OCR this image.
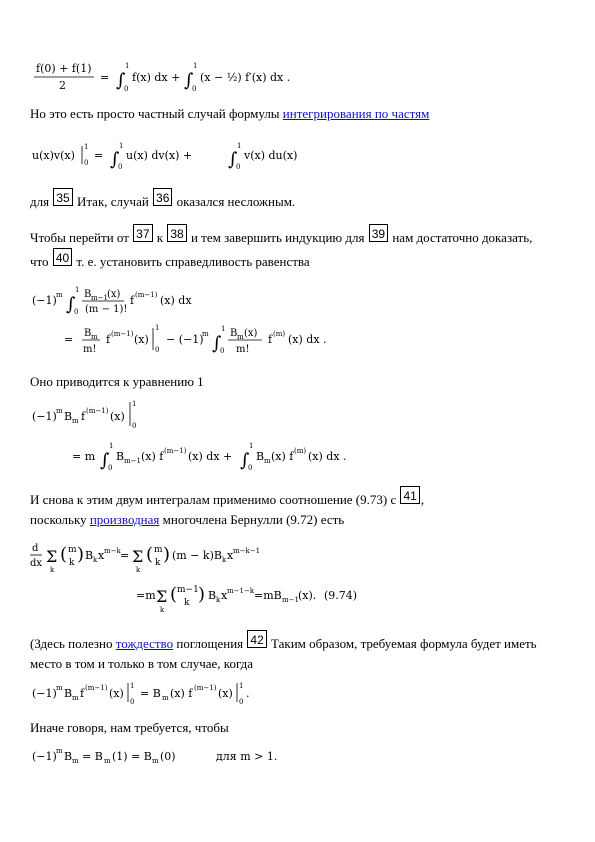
f(0) + f(1)
2
= ∫
1
0
f(x) dx + ∫
1
0
(x − ½) f′(x) dx .
Но это есть просто частный случай формулы интегрирования по частям
u(x)v(x)
1
0
= ∫
1
0
u(x) dv(x) + ∫
1
0
v(x) du(x)
для 35 Итак, случай 36 оказался несложным.
Чтобы перейти от 37 к 38 и тем завершить индукцию для 39 нам достаточно доказать,
что 40 т. е. установить справедливость равенства
(−1) m ∫
1
0
B m−1 (x)
(m − 1)!
f (m−1) (x) dx
= B m
m!
f (m−1) (x)
1
0
− (−1)
m ∫
1
0
B m (x)
m!
f (m) (x) dx .
Оно приводится к уравнению 1
(−1) m B m f (m−1) (x)
1
0
= m ∫
1
0
B m−1 (x) f (m−1) (x) dx + ∫
1
0
B m (x) f (m) (x) dx .
И снова к этим двум интегралам применимо соотношение (9.73) с 41 ,
поскольку производная многочлена Бернулли (9.72) есть
d
dx Σ
k
( m
k ) B k x m−k = Σ
k
( m
k ) (m − k)B k x m−k−1
=m Σ
k
( m−1
k ) B k x m−1−k =mB m−1 (x). (9.74)
(Здесь полезно тождество поглощения 42 Таким образом, требуемая формула будет иметь
место в том и только в том случае, когда
(−1) m B m f (m−1) (x)
1
0
= B m (x) f (m−1) (x)
1
0
.
Иначе говоря, нам требуется, чтобы
(−1) m B m = B m (1) = B m (0)	для m > 1.
